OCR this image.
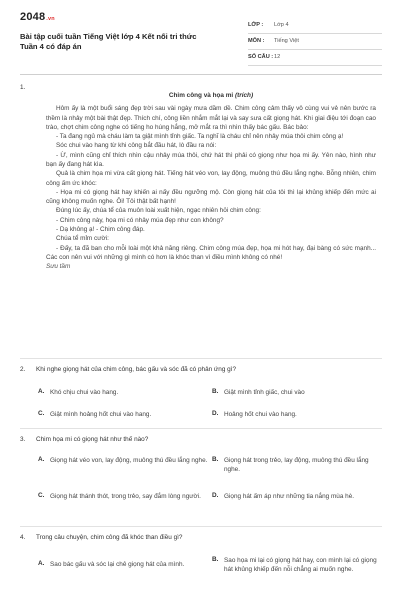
2048.vn
Bài tập cuối tuần Tiếng Việt lớp 4 Kết nối tri thức Tuần 4 có đáp án
LỚP :	Lớp 4
MÔN :	Tiếng Việt
SỐ CÂU : 12
1.
Chim công và họa mi (trích)
Hôm ấy là một buổi sáng đẹp trời sau vài ngày mưa dầm dề. Chim công cảm thấy vô cùng vui vẻ nên bước ra thềm là nhảy một bài thật đẹp. Thích chí, công liền nhắm mắt lại và say sưa cất giọng hát. Khi giai điệu tới đoạn cao trào, chợt chim công nghe có tiếng ho húng hắng, mở mắt ra thì nhìn thấy bác gấu. Bác bảo:
- Ta đang ngủ mà cháu làm ta giật mình tỉnh giấc. Ta nghĩ là cháu chỉ nên nhảy múa thôi chim công ạ!
Sóc chui vào hang từ khi công bắt đầu hát, lò đầu ra nói:
- Ừ, mình cũng chỉ thích nhìn cậu nhảy múa thôi, chứ hát thì phải có giọng như họa mi ấy. Yên nào, hình như bạn ấy đang hát kìa.
Quả là chim họa mi vừa cất giọng hát. Tiếng hát véo von, lay động, muông thú đều lắng nghe. Bỗng nhiên, chim công ấm ức khóc:
- Họa mi có giọng hát hay khiến ai nấy đều ngưỡng mộ. Còn giọng hát của tôi thì lại khủng khiếp đến mức ai cũng không muốn nghe. Ôi! Tôi thật bất hạnh!
Đúng lúc ấy, chúa tể của muôn loài xuất hiện, ngạc nhiên hỏi chim công:
- Chim công này, họa mi có nhảy múa đẹp như con không?
- Dạ không ạ! - Chim công đáp.
Chúa tể mỉm cười:
- Đấy, ta đã ban cho mỗi loài một khả năng riêng. Chim công múa đẹp, họa mi hót hay, đại bàng có sức mạnh... Các con nên vui với những gì mình có hơn là khóc than vì điều mình không có nhé!
Sưu tầm
2.	Khi nghe giọng hát của chim công, bác gấu và sóc đã có phản ứng gì?
A. Khó chịu chui vào hang.	B. Giật mình tỉnh giấc, chui vào
C. Giật mình hoảng hốt chui vào hang.	D. Hoảng hốt chui vào hang.
3.	Chim họa mi có giọng hát như thế nào?
A. Giọng hát véo von, lay động, muông thú đều lắng nghe. B. Giọng hát trong trẻo, lay động, muông thú đều lắng nghe.
C. Giọng hát thánh thót, trong trẻo, say đắm lòng người. D. Giọng hát ấm áp như những tia nắng mùa hè.
4.	Trong câu chuyện, chim công đã khóc than điều gì?
A. Sao bác gấu và sóc lại chê giọng hát của mình.
B. Sao họa mi lại có giọng hát hay, con mình lại có giọng hát khủng khiếp đến nỗi chẳng ai muốn nghe.
